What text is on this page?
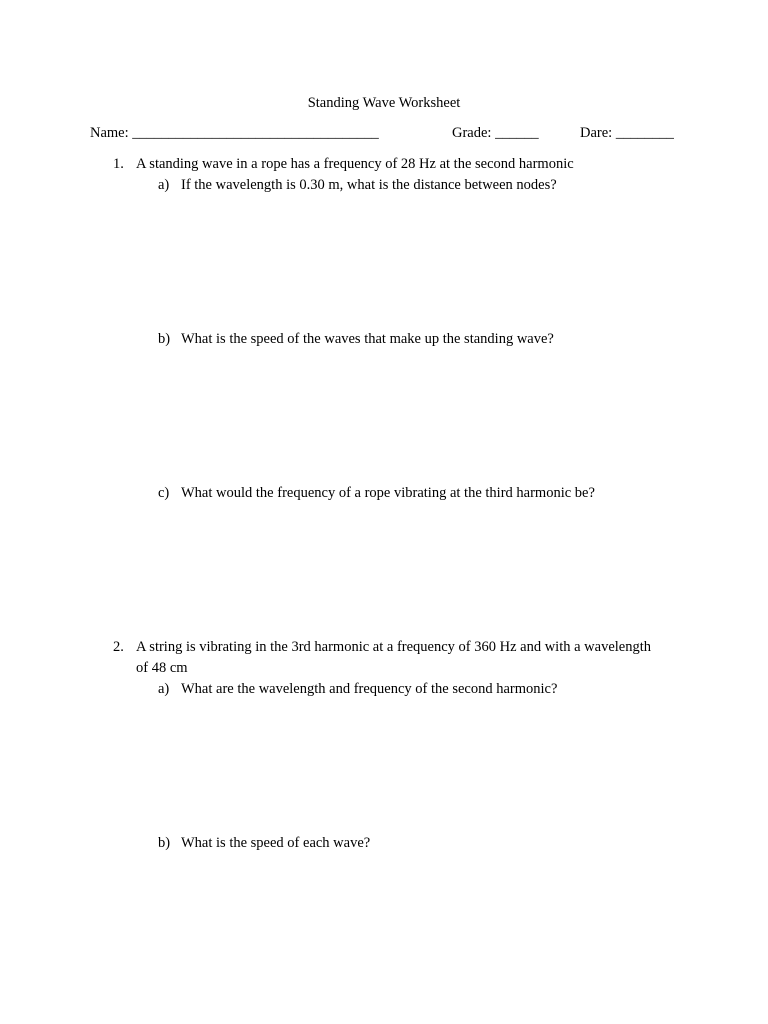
Standing Wave Worksheet
Name: __________________________________	Grade: ______	Dare: ________
1. A standing wave in a rope has a frequency of 28 Hz at the second harmonic
a) If the wavelength is 0.30 m, what is the distance between nodes?
b) What is the speed of the waves that make up the standing wave?
c) What would the frequency of a rope vibrating at the third harmonic be?
2. A string is vibrating in the 3rd harmonic at a frequency of 360 Hz and with a wavelength
of 48 cm
a) What are the wavelength and frequency of the second harmonic?
b) What is the speed of each wave?
